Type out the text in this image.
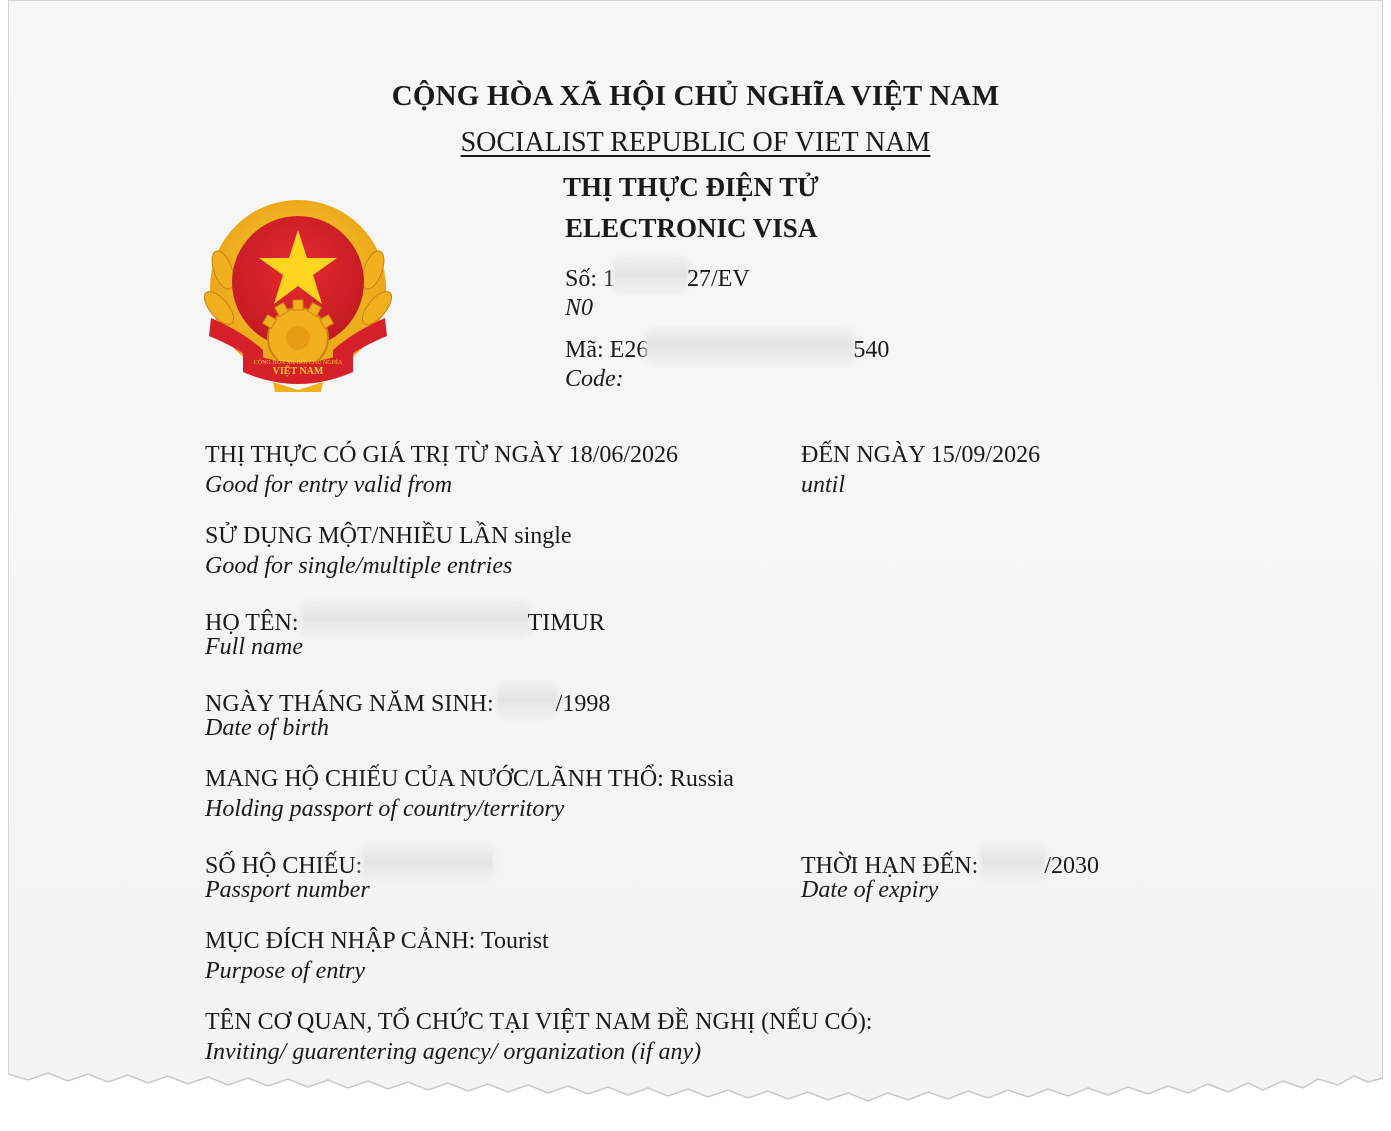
CỘNG HÒA XÃ HỘI CHỦ NGHĨA VIỆT NAM
SOCIALIST REPUBLIC OF VIET NAM
THỊ THỰC ĐIỆN TỬ
ELECTRONIC VISA
CỘNG HÒA XÃ HỘI CHỦ NGHĨA
VIỆT NAM
Số: 1	27/EV
N0
Mã: E26	540
Code:
THỊ THỰC CÓ GIÁ TRỊ TỪ NGÀY 18/06/2026
Good for entry valid from
ĐẾN NGÀY 15/09/2026
until
SỬ DỤNG MỘT/NHIỀU LẦN single
Good for single/multiple entries
HỌ TÊN:	TIMUR
Full name
NGÀY THÁNG NĂM SINH:	/1998
Date of birth
MANG HỘ CHIẾU CỦA NƯỚC/LÃNH THỔ: Russia
Holding passport of country/territory
SỐ HỘ CHIẾU:
Passport number
THỜI HẠN ĐẾN:	/2030
Date of expiry
MỤC ĐÍCH NHẬP CẢNH: Tourist
Purpose of entry
TÊN CƠ QUAN, TỔ CHỨC TẠI VIỆT NAM ĐỀ NGHỊ (NẾU CÓ):
Inviting/ guarentering agency/ organization (if any)
